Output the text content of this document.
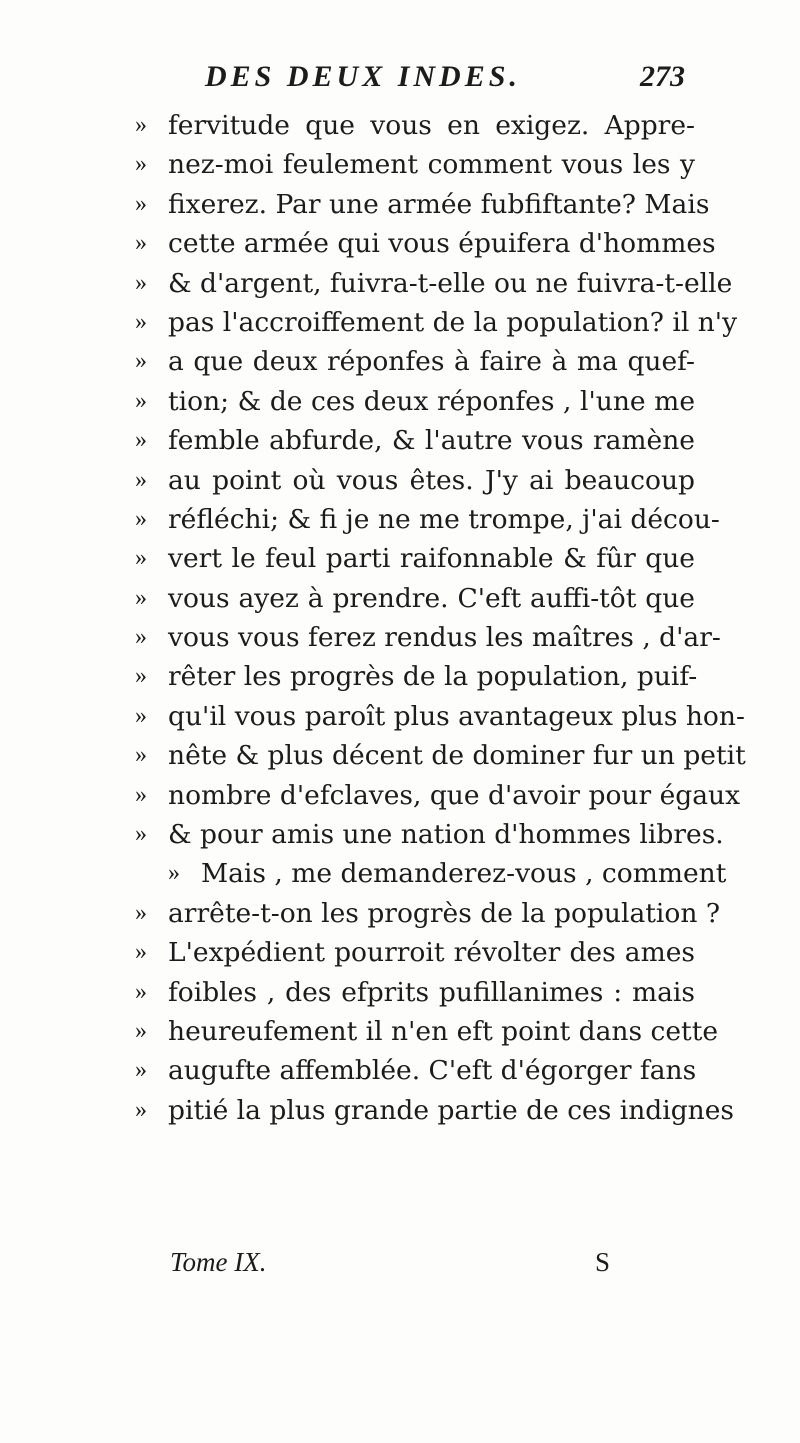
DES DEUX INDES.	273
» fervitude que vous en exigez. Appre-
» nez-moi feulement comment vous les y
» fixerez. Par une armée fubfiftante? Mais
» cette armée qui vous épuifera d'hommes
» & d'argent, fuivra-t-elle ou ne fuivra-t-elle
» pas l'accroiffement de la population? il n'y
» a que deux réponfes à faire à ma quef-
» tion; & de ces deux réponfes , l'une me
» femble abfurde, & l'autre vous ramène
» au point où vous êtes. J'y ai beaucoup
» réfléchi; & fi je ne me trompe, j'ai décou-
» vert le feul parti raifonnable & fûr que
» vous ayez à prendre. C'eft auffi-tôt que
» vous vous ferez rendus les maîtres , d'ar-
» rêter les progrès de la population, puif-
» qu'il vous paroît plus avantageux plus hon-
» nête & plus décent de dominer fur un petit
» nombre d'efclaves, que d'avoir pour égaux
» & pour amis une nation d'hommes libres.
» Mais , me demanderez-vous , comment
» arrête-t-on les progrès de la population ?
» L'expédient pourroit révolter des ames
» foibles , des efprits pufillanimes : mais
» heureufement il n'en eft point dans cette
» augufte affemblée. C'eft d'égorger fans
» pitié la plus grande partie de ces indignes
Tome IX.	S
